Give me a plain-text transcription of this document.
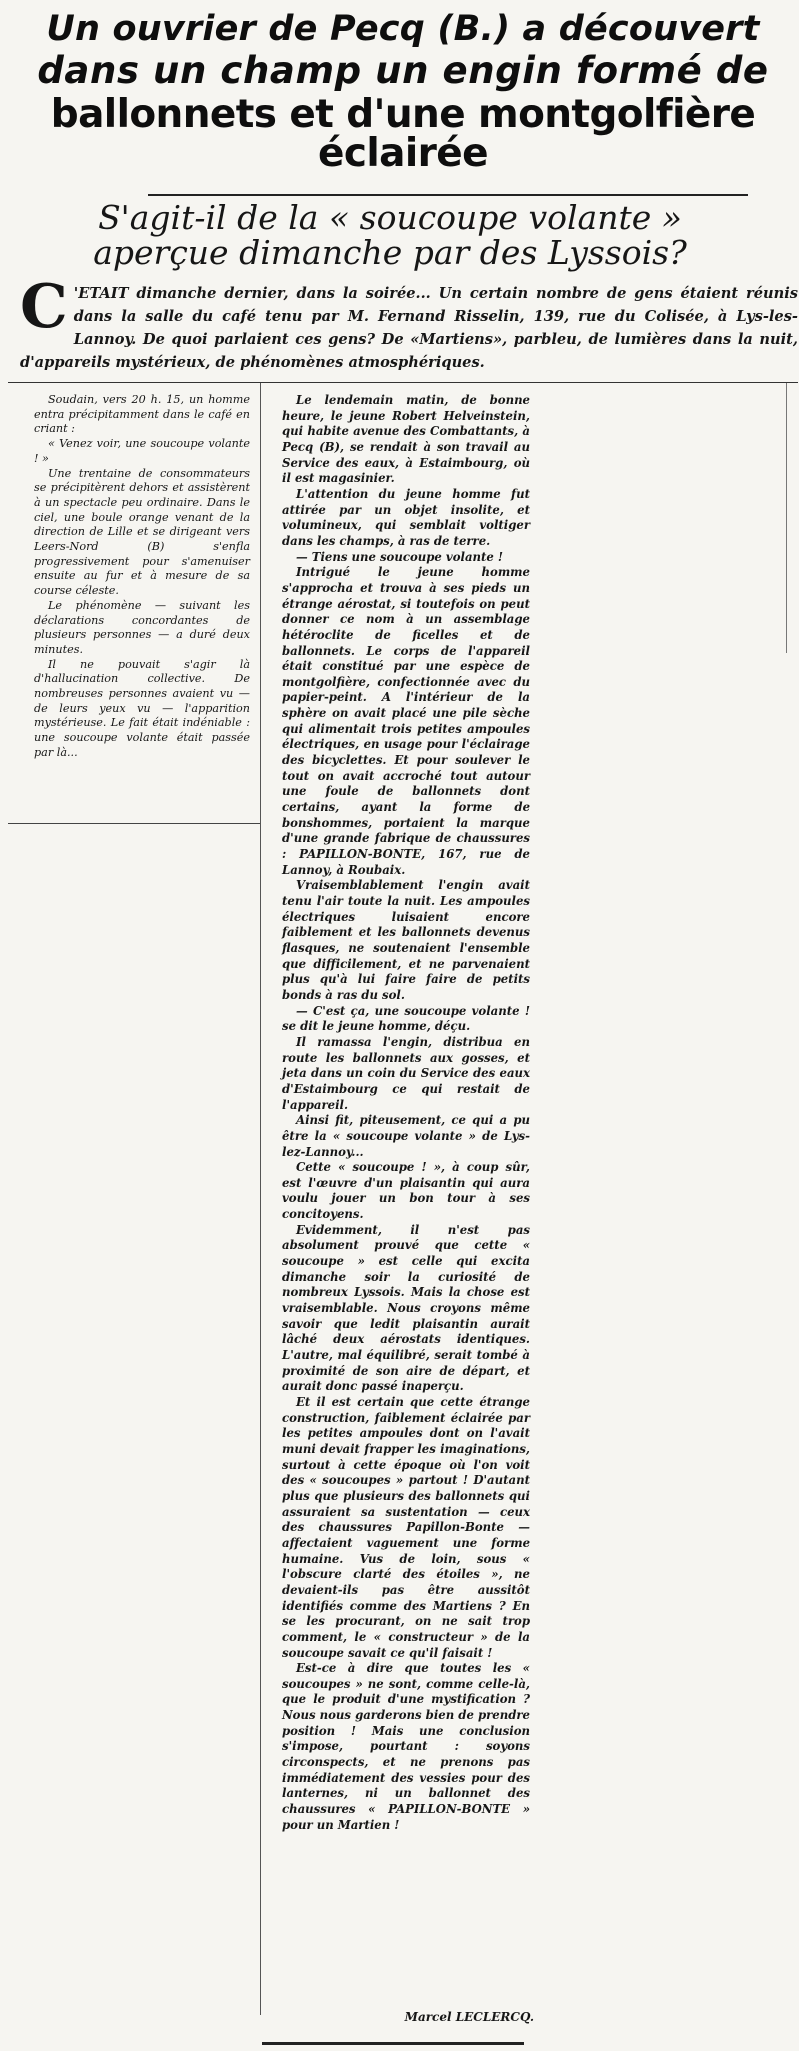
Un ouvrier de Pecq (B.) a découvert
dans un champ un engin formé de
ballonnets et d'une montgolfière éclairée
S'agit-il de la « soucoupe volante »
aperçue dimanche par des Lyssois?

C 'ETAIT dimanche dernier, dans la soirée... Un certain nombre de gens étaient réunis dans la salle du café tenu par M. Fernand Risselin, 139, rue du Colisée, à Lys-les-Lannoy. De quoi parlaient ces gens? De «Martiens», parbleu, de lumières dans la nuit, d'appareils mystérieux, de phénomènes atmosphériques.

Soudain, vers 20 h. 15, un homme entra précipitamment dans le café en criant :

« Venez voir, une soucoupe volante ! »

Une trentaine de consommateurs se précipitèrent dehors et assistèrent à un spectacle peu ordinaire. Dans le ciel, une boule orange venant de la direction de Lille et se dirigeant vers Leers-Nord (B) s'enfla progressivement pour s'amenuiser ensuite au fur et à mesure de sa course céleste.

Le phénomène — suivant les déclarations concordantes de plusieurs personnes — a duré deux minutes.

Il ne pouvait s'agir là d'hallucination collective. De nombreuses personnes avaient vu — de leurs yeux vu — l'apparition mystérieuse. Le fait était indéniable : une soucoupe volante était passée par là...

Le lendemain matin, de bonne heure, le jeune Robert Helveinstein, qui habite avenue des Combattants, à Pecq (B), se rendait à son travail au Service des eaux, à Estaimbourg, où il est magasinier.

L'attention du jeune homme fut attirée par un objet insolite, et volumineux, qui semblait voltiger dans les champs, à ras de terre.

— Tiens une soucoupe volante !

Intrigué le jeune homme s'approcha et trouva à ses pieds un étrange aérostat, si toutefois on peut donner ce nom à un assemblage hétéroclite de ficelles et de ballonnets. Le corps de l'appareil était constitué par une espèce de montgolfière, confectionnée avec du papier-peint. A l'intérieur de la sphère on avait placé une pile sèche qui alimentait trois petites ampoules électriques, en usage pour l'éclairage des bicyclettes. Et pour soulever le tout on avait accroché tout autour une foule de ballonnets dont certains, ayant la forme de bonshommes, portaient la marque d'une grande fabrique de chaussures : PAPILLON-BONTE, 167, rue de Lannoy, à Roubaix.

Vraisemblablement l'engin avait tenu l'air toute la nuit. Les ampoules électriques luisaient encore faiblement et les ballonnets devenus flasques, ne soutenaient l'ensemble que difficilement, et ne parvenaient plus qu'à lui faire faire de petits bonds à ras du sol.

— C'est ça, une soucoupe volante ! se dit le jeune homme, déçu.

Il ramassa l'engin, distribua en route les ballonnets aux gosses, et jeta dans un coin du Service des eaux d'Estaimbourg ce qui restait de l'appareil.

Ainsi fit, piteusement, ce qui a pu être la « soucoupe volante » de Lys-lez-Lannoy...

Cette « soucoupe ! », à coup sûr, est l'œuvre d'un plaisantin qui aura voulu jouer un bon tour à ses concitoyens.

Evidemment, il n'est pas absolument prouvé que cette « soucoupe » est celle qui excita dimanche soir la curiosité de nombreux Lyssois. Mais la chose est vraisemblable. Nous croyons même savoir que ledit plaisantin aurait lâché deux aérostats identiques. L'autre, mal équilibré, serait tombé à proximité de son aire de départ, et aurait donc passé inaperçu.

Et il est certain que cette étrange construction, faiblement éclairée par les petites ampoules dont on l'avait muni devait frapper les imaginations, surtout à cette époque où l'on voit des « soucoupes » partout ! D'autant plus que plusieurs des ballonnets qui assuraient sa sustentation — ceux des chaussures Papillon-Bonte — affectaient vaguement une forme humaine. Vus de loin, sous « l'obscure clarté des étoiles », ne devaient-ils pas être aussitôt identifiés comme des Martiens ? En se les procurant, on ne sait trop comment, le « constructeur » de la soucoupe savait ce qu'il faisait !

Est-ce à dire que toutes les « soucoupes » ne sont, comme celle-là, que le produit d'une mystification ? Nous nous garderons bien de prendre position ! Mais une conclusion s'impose, pourtant : soyons circonspects, et ne prenons pas immédiatement des vessies pour des lanternes, ni un ballonnet des chaussures « PAPILLON-BONTE » pour un Martien !

Marcel LECLERCQ.
